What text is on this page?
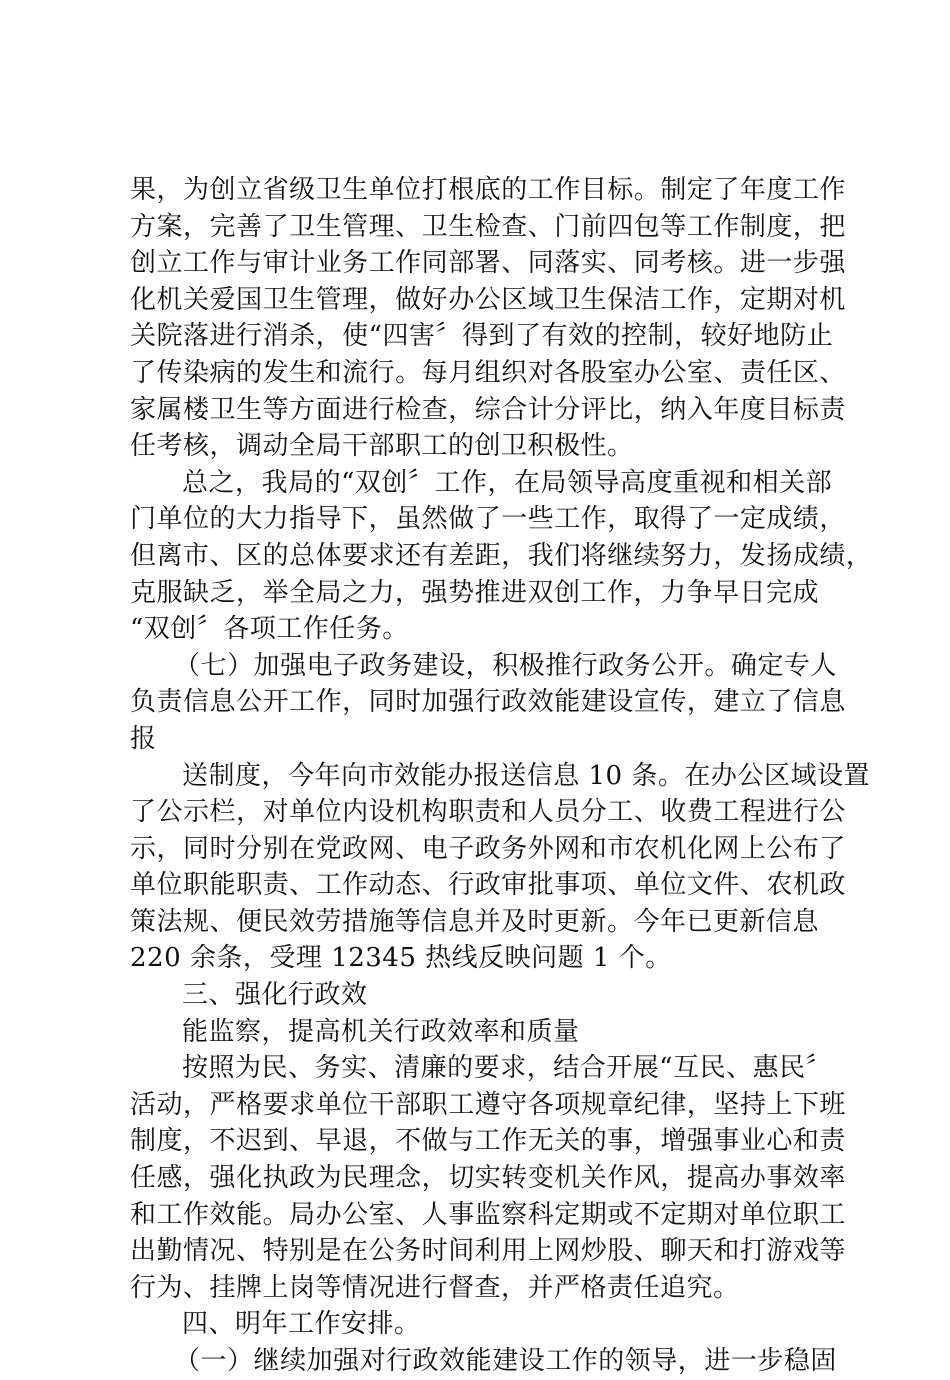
果 ， 为 创 立 省 级 卫 生 单 位 打 根 底 的 工 作 目 标 。 制 定 了 年 度 工 作
方 案 ， 完 善 了 卫 生 管 理 、 卫 生 检 查 、 门 前 四 包 等 工 作 制 度 ， 把
创 立 工 作 与 审 计 业 务 工 作 同 部 署 、 同 落 实 、 同 考 核 。 进 一 步 强
化 机 关 爱 国 卫 生 管 理 ， 做 好 办 公 区 域 卫 生 保 洁 工 作 ， 定 期 对 机
关 院 落 进 行 消 杀 ， 使 “ 四 害 〞 得 到 了 有 效 的 控 制 ， 较 好 地 防 止
了 传 染 病 的 发 生 和 流 行 。 每 月 组 织 对 各 股 室 办 公 室 、 责 任 区 、
家 属 楼 卫 生 等 方 面 进 行 检 查 ， 综 合 计 分 评 比 ， 纳 入 年 度 目 标 责
任考核，调动全局干部职工的创卫积极性。
总 之 ， 我 局 的 “ 双 创 〞 工 作 ， 在 局 领 导 高 度 重 视 和 相 关 部
门 单 位 的 大 力 指 导 下 ， 虽 然 做 了 一 些 工 作 ， 取 得 了 一 定 成 绩 ，
但 离 市 、 区 的 总 体 要 求 还 有 差 距 ， 我 们 将 继 续 努 力 ， 发 扬 成 绩 ，
克服缺乏，举全局之力，强势推进双创工作，力争早日完成
“双创〞各项工作任务。
（ 七 ） 加 强 电 子 政 务 建 设 ， 积 极 推 行 政 务 公 开 。 确 定 专 人
负 责 信 息 公 开 工 作 ， 同 时 加 强 行 政 效 能 建 设 宣 传 ， 建 立 了 信 息
报
送 制 度 ， 今 年 向 市 效 能 办 报 送 信 息
1 0
条 。 在 办 公 区 域 设 置
了 公 示 栏 ， 对 单 位 内 设 机 构 职 责 和 人 员 分 工 、 收 费 工 程 进 行 公
示 ， 同 时 分 别 在 党 政 网 、 电 子 政 务 外 网 和 市 农 机 化 网 上 公 布 了
单 位 职 能 职 责 、 工 作 动 态 、 行 政 审 批 事 项 、 单 位 文 件 、 农 机 政
策法规、便民效劳措施等信息并及时更新。今年已更新信息
220 余条，受理 12345 热线反映问题 1 个。
三、强化行政效
能监察，提高机关行政效率和质量
按 照 为 民 、 务 实 、 清 廉 的 要 求 ， 结 合 开 展 “ 互 民 、 惠 民 〞
活 动 ， 严 格 要 求 单 位 干 部 职 工 遵 守 各 项 规 章 纪 律 ， 坚 持 上 下 班
制 度 ， 不 迟 到 、 早 退 ， 不 做 与 工 作 无 关 的 事 ， 增 强 事 业 心 和 责
任 感 ， 强 化 执 政 为 民 理 念 ， 切 实 转 变 机 关 作 风 ， 提 高 办 事 效 率
和 工 作 效 能 。 局 办 公 室 、 人 事 监 察 科 定 期 或 不 定 期 对 单 位 职 工
出 勤 情 况 、 特 别 是 在 公 务 时 间 利 用 上 网 炒 股 、 聊 天 和 打 游 戏 等
行为、挂牌上岗等情况进行督查，并严格责任追究。
四、明年工作安排。
（ 一 ） 继 续 加 强 对 行 政 效 能 建 设 工 作 的 领 导 ， 进 一 步 稳 固
